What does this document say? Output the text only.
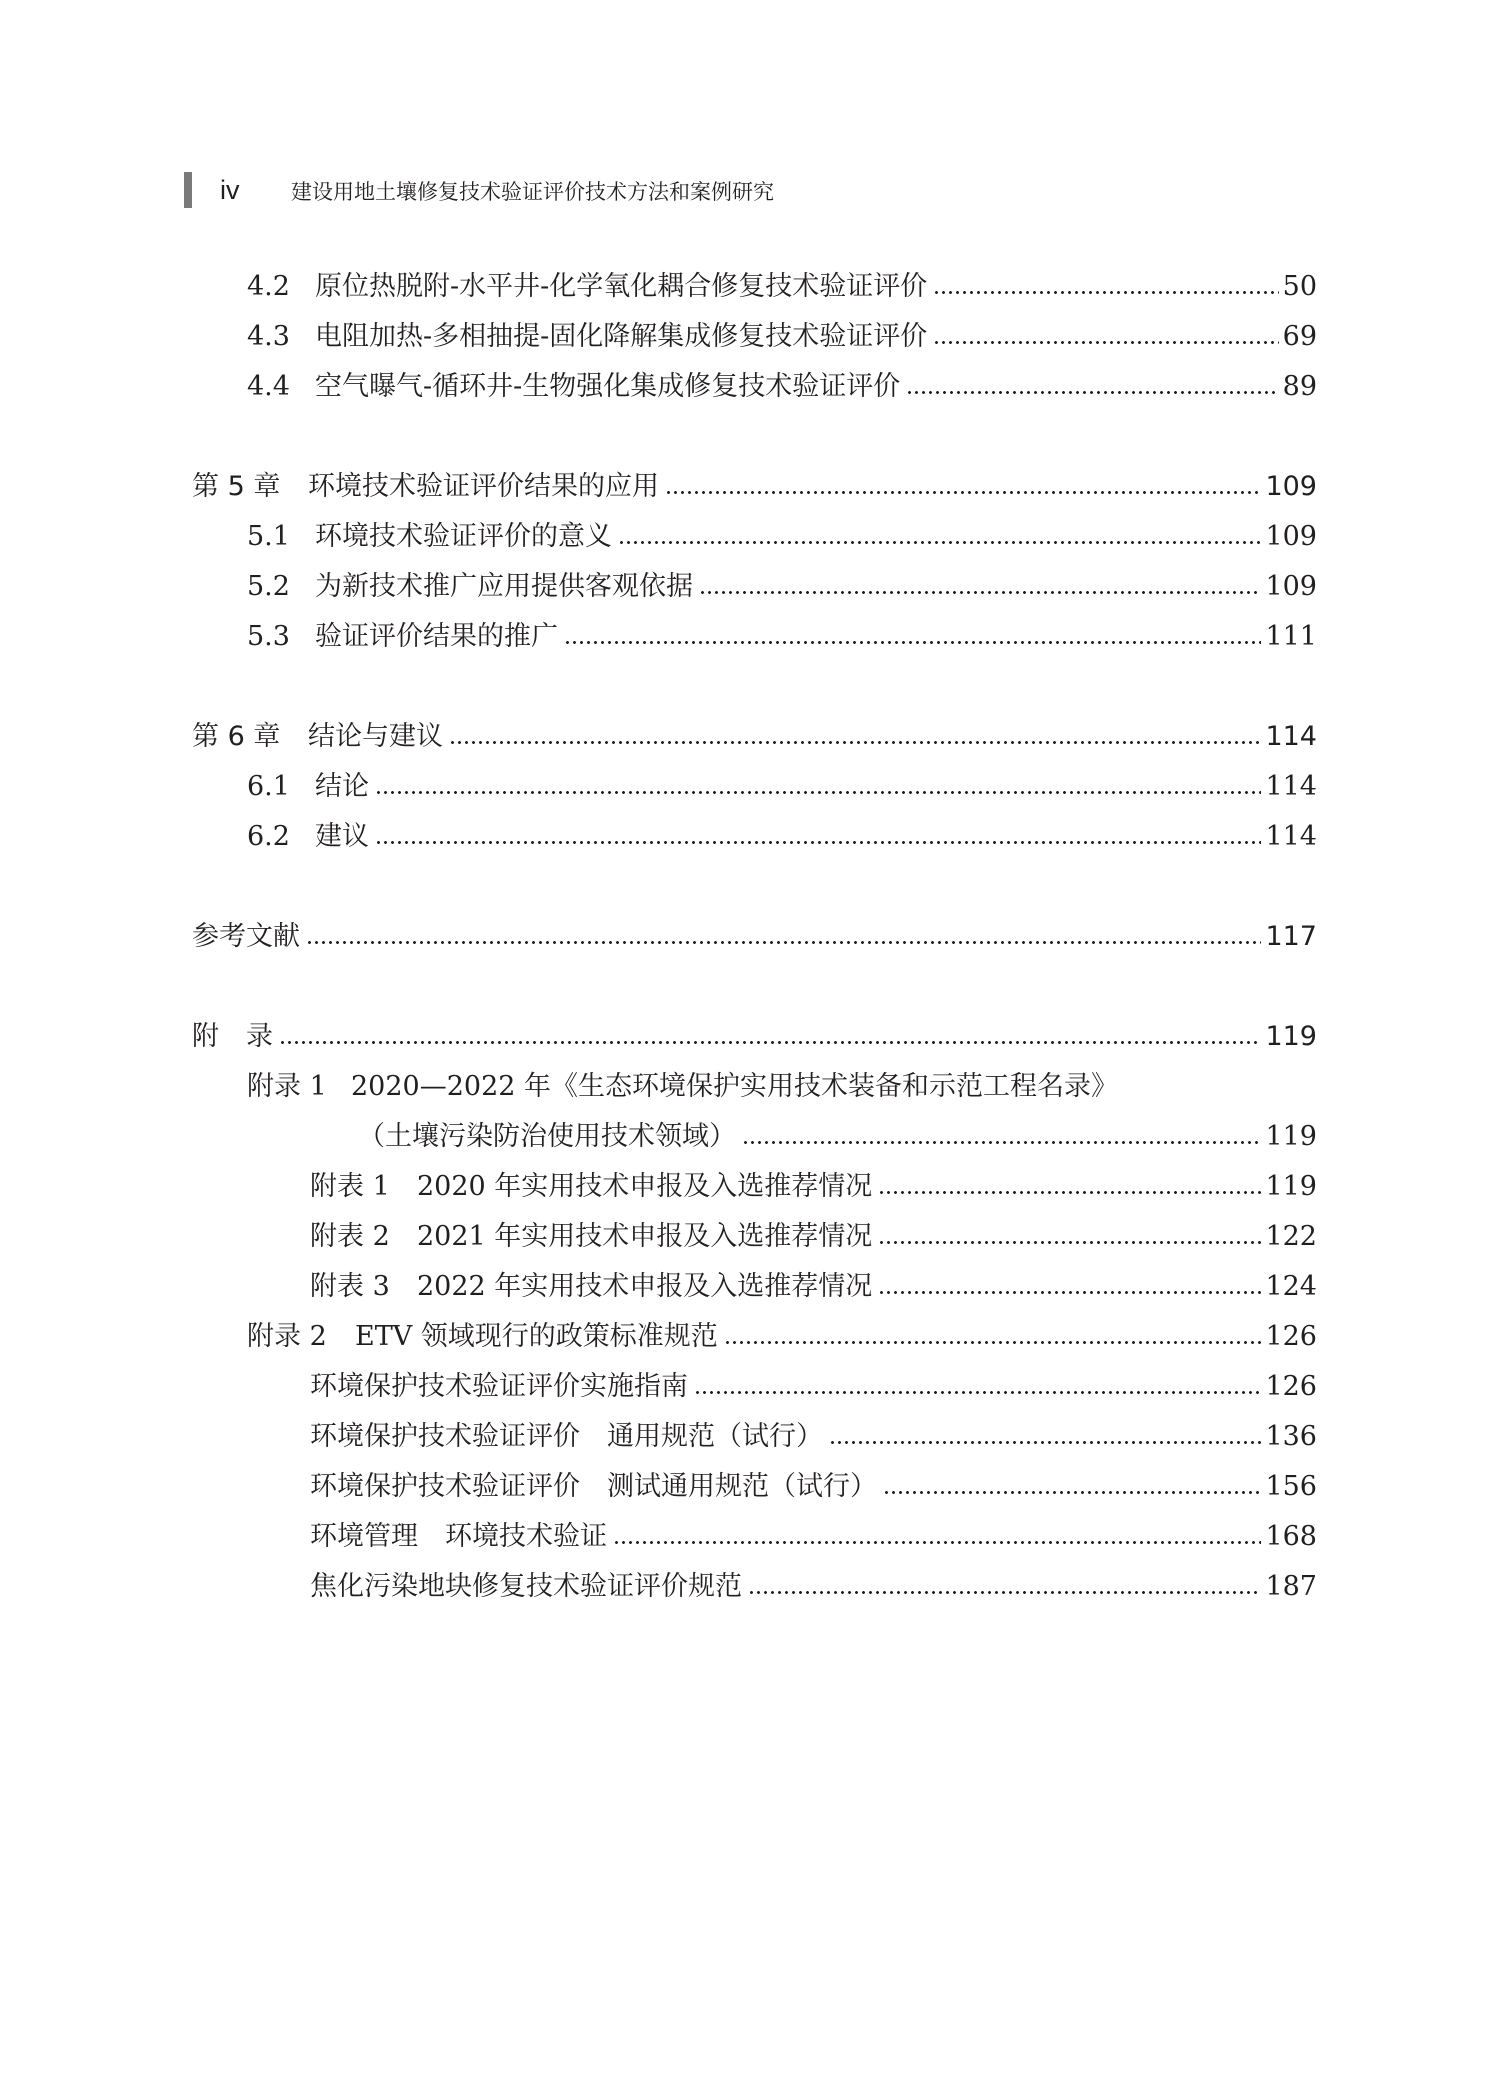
iv 建设用地土壤修复技术验证评价技术方法和案例研究
4.2 原位热脱附-水平井-化学氧化耦合修复技术验证评价	50
4.3 电阻加热-多相抽提-固化降解集成修复技术验证评价	69
4.4 空气曝气-循环井-生物强化集成修复技术验证评价	89
第 5 章	环境技术验证评价结果的应用	109
5.1 环境技术验证评价的意义	109
5.2 为新技术推广应用提供客观依据	109
5.3 验证评价结果的推广	111
第 6 章	结论与建议	114
6.1 结论	114
6.2 建议	114
参考文献	117
附　录	119
附录 1 2020—2022 年《生态环境保护实用技术装备和示范工程名录》
（土壤污染防治使用技术领域）	119
附表 1	2020 年实用技术申报及入选推荐情况	119
附表 2	2021 年实用技术申报及入选推荐情况	122
附表 3	2022 年实用技术申报及入选推荐情况	124
附录 2	ETV 领域现行的政策标准规范	126
环境保护技术验证评价实施指南	126
环境保护技术验证评价　通用规范（试行）	136
环境保护技术验证评价　测试通用规范（试行）	156
环境管理　环境技术验证	168
焦化污染地块修复技术验证评价规范	187
